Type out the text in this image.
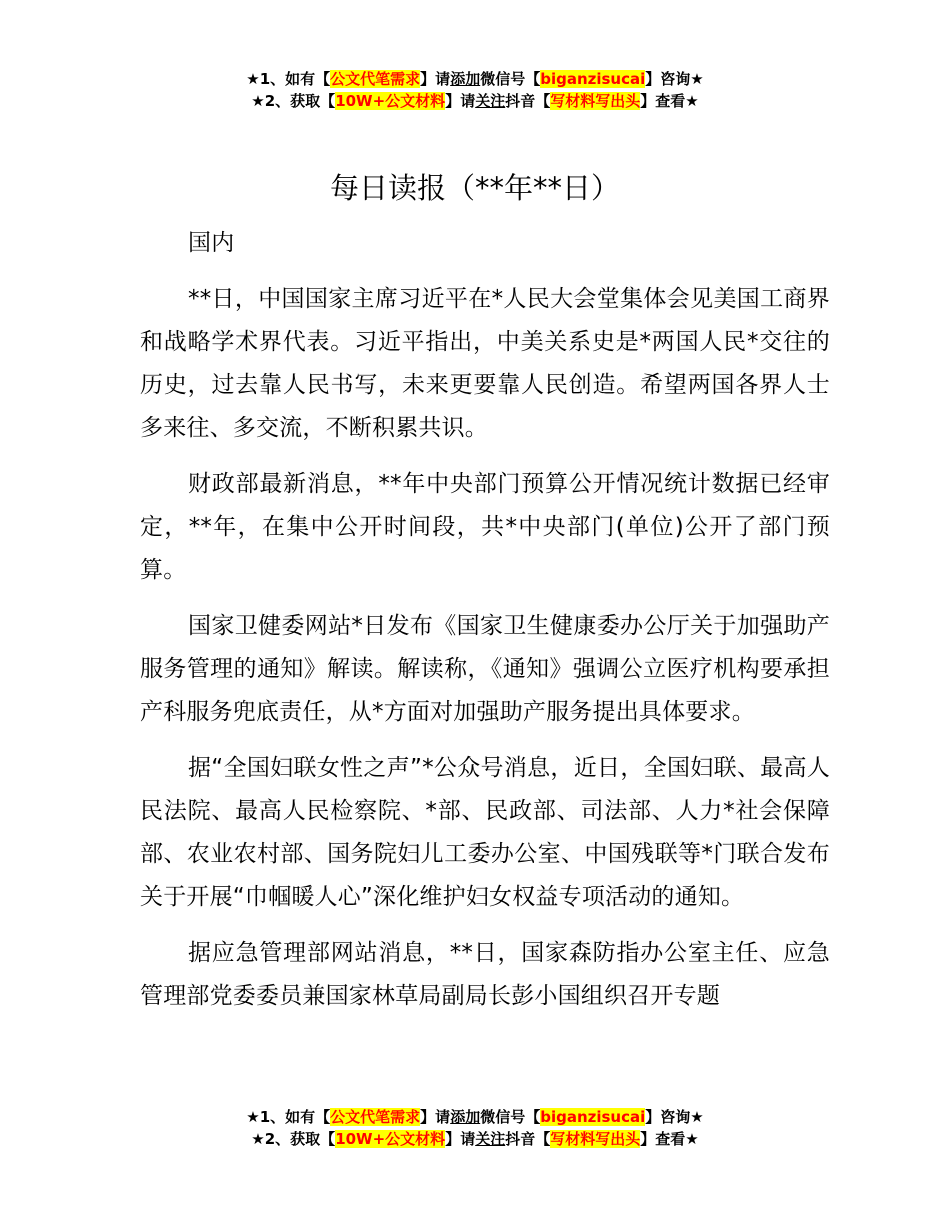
★1、如有【公文代笔需求】请添加微信号【biganzisucai】咨询★
★2、获取【10W+公文材料】请关注抖音【写材料写出头】查看★
每日读报（**年**日）

国内

**日，中国国家主席习近平在*人民大会堂集体会见美国工商界和战略学术界代表。习近平指出，中美关系史是*两国人民*交往的历史，过去靠人民书写，未来更要靠人民创造。希望两国各界人士多来往、多交流，不断积累共识。

财政部最新消息，**年中央部门预算公开情况统计数据已经审定，**年，在集中公开时间段，共*中央部门(单位)公开了部门预算。

国家卫健委网站*日发布《国家卫生健康委办公厅关于加强助产服务管理的通知》解读。解读称，《通知》强调公立医疗机构要承担产科服务兜底责任，从*方面对加强助产服务提出具体要求。

据“全国妇联女性之声”*公众号消息，近日，全国妇联、最高人民法院、最高人民检察院、*部、民政部、司法部、人力*社会保障部、农业农村部、国务院妇儿工委办公室、中国残联等*门联合发布关于开展“巾帼暖人心”深化维护妇女权益专项活动的通知。

据应急管理部网站消息，**日，国家森防指办公室主任、应急管理部党委委员兼国家林草局副局长彭小国组织召开专题

★1、如有【公文代笔需求】请添加微信号【biganzisucai】咨询★
★2、获取【10W+公文材料】请关注抖音【写材料写出头】查看★
